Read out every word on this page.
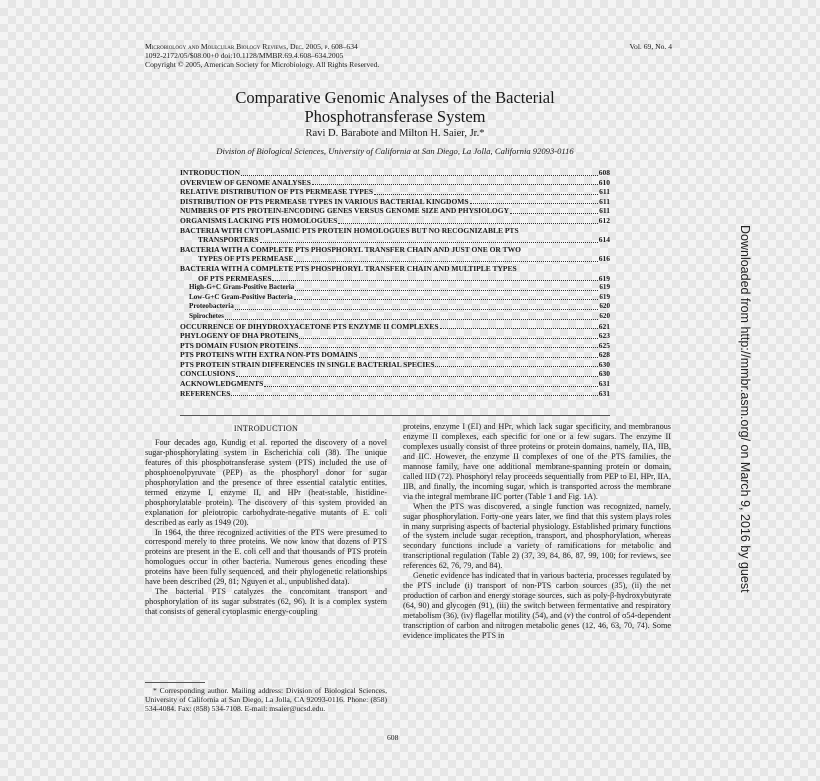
Microbiology and Molecular Biology Reviews, Dec. 2005, p. 608–634
1092-2172/05/$08.00+0 doi:10.1128/MMBR.69.4.608–634.2005
Copyright © 2005, American Society for Microbiology. All Rights Reserved.
Vol. 69, No. 4
Comparative Genomic Analyses of the Bacterial
Phosphotransferase System
Ravi D. Barabote and Milton H. Saier, Jr.*
Division of Biological Sciences, University of California at San Diego, La Jolla, California 92093-0116
INTRODUCTION	608
OVERVIEW OF GENOME ANALYSES	610
RELATIVE DISTRIBUTION OF PTS PERMEASE TYPES	611
DISTRIBUTION OF PTS PERMEASE TYPES IN VARIOUS BACTERIAL KINGDOMS	611
NUMBERS OF PTS PROTEIN-ENCODING GENES VERSUS GENOME SIZE AND PHYSIOLOGY	611
ORGANISMS LACKING PTS HOMOLOGUES	612
BACTERIA WITH CYTOPLASMIC PTS PROTEIN HOMOLOGUES BUT NO RECOGNIZABLE PTS
TRANSPORTERS	614
BACTERIA WITH A COMPLETE PTS PHOSPHORYL TRANSFER CHAIN AND JUST ONE OR TWO
TYPES OF PTS PERMEASE	616
BACTERIA WITH A COMPLETE PTS PHOSPHORYL TRANSFER CHAIN AND MULTIPLE TYPES
OF PTS PERMEASES	619
High-G+C Gram-Positive Bacteria	619
Low-G+C Gram-Positive Bacteria	619
Proteobacteria	620
Spirochetes	620
OCCURRENCE OF DIHYDROXYACETONE PTS ENZYME II COMPLEXES	621
PHYLOGENY OF DHA PROTEINS	623
PTS DOMAIN FUSION PROTEINS	625
PTS PROTEINS WITH EXTRA NON-PTS DOMAINS	628
PTS PROTEIN STRAIN DIFFERENCES IN SINGLE BACTERIAL SPECIES	630
CONCLUSIONS	630
ACKNOWLEDGMENTS	631
REFERENCES	631
INTRODUCTION

Four decades ago, Kundig et al. reported the discovery of a novel sugar-phosphorylating system in Escherichia coli (38). The unique features of this phosphotransferase system (PTS) included the use of phosphoenolpyruvate (PEP) as the phosphoryl donor for sugar phosphorylation and the presence of three essential catalytic entities, termed enzyme I, enzyme II, and HPr (heat-stable, histidine-phosphorylatable protein). The discovery of this system provided an explanation for pleiotropic carbohydrate-negative mutants of E. coli described as early as 1949 (20).

In 1964, the three recognized activities of the PTS were presumed to correspond merely to three proteins. We now know that dozens of PTS proteins are present in the E. coli cell and that thousands of PTS protein homologues occur in other bacteria. Numerous genes encoding these proteins have been fully sequenced, and their phylogenetic relationships have been described (29, 81; Nguyen et al., unpublished data).

The bacterial PTS catalyzes the concomitant transport and phosphorylation of its sugar substrates (62, 96). It is a complex system that consists of general cytoplasmic energy-coupling

proteins, enzyme I (EI) and HPr, which lack sugar specificity, and membranous enzyme II complexes, each specific for one or a few sugars. The enzyme II complexes usually consist of three proteins or protein domains, namely, IIA, IIB, and IIC. However, the enzyme II complexes of one of the PTS families, the mannose family, have one additional membrane-spanning protein or domain, called IID (72). Phosphoryl relay proceeds sequentially from PEP to EI, HPr, IIA, IIB, and finally, the incoming sugar, which is transported across the membrane via the integral membrane IIC porter (Table 1 and Fig. 1A).

When the PTS was discovered, a single function was recognized, namely, sugar phosphorylation. Forty-one years later, we find that this system plays roles in many surprising aspects of bacterial physiology. Established primary functions of the system include sugar reception, transport, and phosphorylation, whereas secondary functions include a variety of ramifications for metabolic and transcriptional regulation (Table 2) (37, 39, 84, 86, 87, 99, 100; for reviews, see references 62, 76, 79, and 84).

Genetic evidence has indicated that in various bacteria, processes regulated by the PTS include (i) transport of non-PTS carbon sources (35), (ii) the net production of carbon and energy storage sources, such as poly-β-hydroxybutyrate (64, 90) and glycogen (91), (iii) the switch between fermentative and respiratory metabolism (36), (iv) flagellar motility (54), and (v) the control of σ54-dependent transcription of carbon and nitrogen metabolic genes (12, 46, 63, 70, 74). Some evidence implicates the PTS in

* Corresponding author. Mailing address: Division of Biological Sciences, University of California at San Diego, La Jolla, CA 92093-0116. Phone: (858) 534-4084. Fax: (858) 534-7108. E-mail: msaier@ucsd.edu.
608
Downloaded from http://mmbr.asm.org/ on March 9, 2016 by guest
